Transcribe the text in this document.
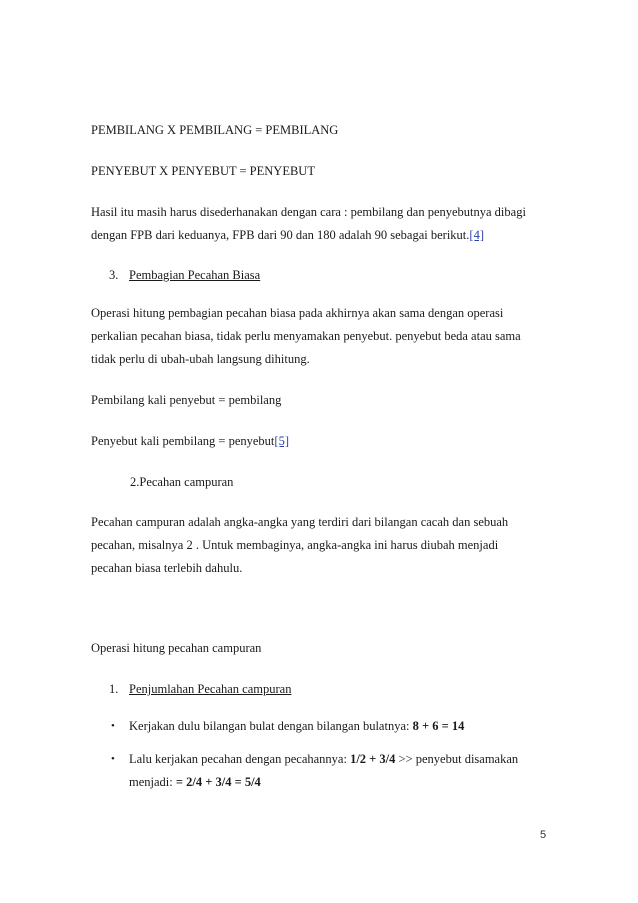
PEMBILANG X PEMBILANG = PEMBILANG
PENYEBUT X PENYEBUT = PENYEBUT
Hasil itu masih harus disederhanakan dengan cara : pembilang dan penyebutnya dibagi
dengan FPB dari keduanya, FPB dari 90 dan 180 adalah 90 sebagai berikut.[4]
3. Pembagian Pecahan Biasa
Operasi hitung pembagian pecahan biasa pada akhirnya akan sama dengan operasi
perkalian pecahan biasa, tidak perlu menyamakan penyebut. penyebut beda atau sama
tidak perlu di ubah-ubah langsung dihitung.
Pembilang kali penyebut = pembilang
Penyebut kali pembilang = penyebut[5]
2.Pecahan campuran
Pecahan campuran adalah angka-angka yang terdiri dari bilangan cacah dan sebuah
pecahan, misalnya 2 . Untuk membaginya, angka-angka ini harus diubah menjadi
pecahan biasa terlebih dahulu.
Operasi hitung pecahan campuran
1. Penjumlahan Pecahan campuran
• Kerjakan dulu bilangan bulat dengan bilangan bulatnya: 8 + 6 = 14
• Lalu kerjakan pecahan dengan pecahannya: 1/2 + 3/4 >> penyebut disamakan
menjadi: = 2/4 + 3/4 = 5/4
5
